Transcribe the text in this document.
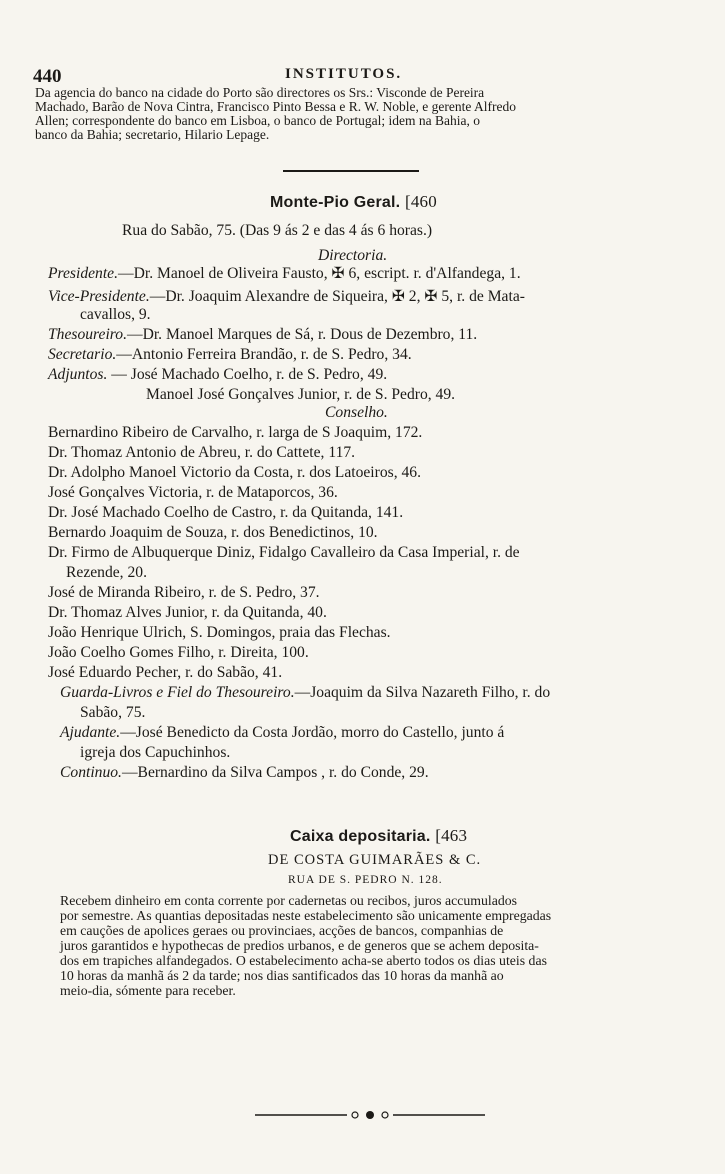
440	INSTITUTOS.
Da agencia do banco na cidade do Porto são directores os Srs.: Visconde de Pereira
Machado, Barão de Nova Cintra, Francisco Pinto Bessa e R. W. Noble, e gerente Alfredo
Allen; correspondente do banco em Lisboa, o banco de Portugal; idem na Bahia, o
banco da Bahia; secretario, Hilario Lepage.
Monte-Pio Geral. [460
Rua do Sabão, 75. (Das 9 ás 2 e das 4 ás 6 horas.)
Directoria.
Presidente.—Dr. Manoel de Oliveira Fausto, ✠ 6, escript. r. d'Alfandega, 1.
Vice-Presidente.—Dr. Joaquim Alexandre de Siqueira, ✠ 2, ✠ 5, r. de Mata-
cavallos, 9.
Thesoureiro.—Dr. Manoel Marques de Sá, r. Dous de Dezembro, 11.
Secretario.—Antonio Ferreira Brandão, r. de S. Pedro, 34.
Adjuntos. — José Machado Coelho, r. de S. Pedro, 49.
Manoel José Gonçalves Junior, r. de S. Pedro, 49.
Conselho.
Bernardino Ribeiro de Carvalho, r. larga de S Joaquim, 172.
Dr. Thomaz Antonio de Abreu, r. do Cattete, 117.
Dr. Adolpho Manoel Victorio da Costa, r. dos Latoeiros, 46.
José Gonçalves Victoria, r. de Mataporcos, 36.
Dr. José Machado Coelho de Castro, r. da Quitanda, 141.
Bernardo Joaquim de Souza, r. dos Benedictinos, 10.
Dr. Firmo de Albuquerque Diniz, Fidalgo Cavalleiro da Casa Imperial, r. de
Rezende, 20.
José de Miranda Ribeiro, r. de S. Pedro, 37.
Dr. Thomaz Alves Junior, r. da Quitanda, 40.
João Henrique Ulrich, S. Domingos, praia das Flechas.
João Coelho Gomes Filho, r. Direita, 100.
José Eduardo Pecher, r. do Sabão, 41.
Guarda-Livros e Fiel do Thesoureiro.—Joaquim da Silva Nazareth Filho, r. do
Sabão, 75.
Ajudante.—José Benedicto da Costa Jordão, morro do Castello, junto á
igreja dos Capuchinhos.
Continuo.—Bernardino da Silva Campos , r. do Conde, 29.
Caixa depositaria. [463
DE COSTA GUIMARÃES & C.
RUA DE S. PEDRO N. 128.
Recebem dinheiro em conta corrente por cadernetas ou recibos, juros accumulados
por semestre. As quantias depositadas neste estabelecimento são unicamente empregadas
em cauções de apolices geraes ou provinciaes, acções de bancos, companhias de
juros garantidos e hypothecas de predios urbanos, e de generos que se achem deposita-
dos em trapiches alfandegados. O estabelecimento acha-se aberto todos os dias uteis das
10 horas da manhã ás 2 da tarde; nos dias santificados das 10 horas da manhã ao
meio-dia, sómente para receber.
